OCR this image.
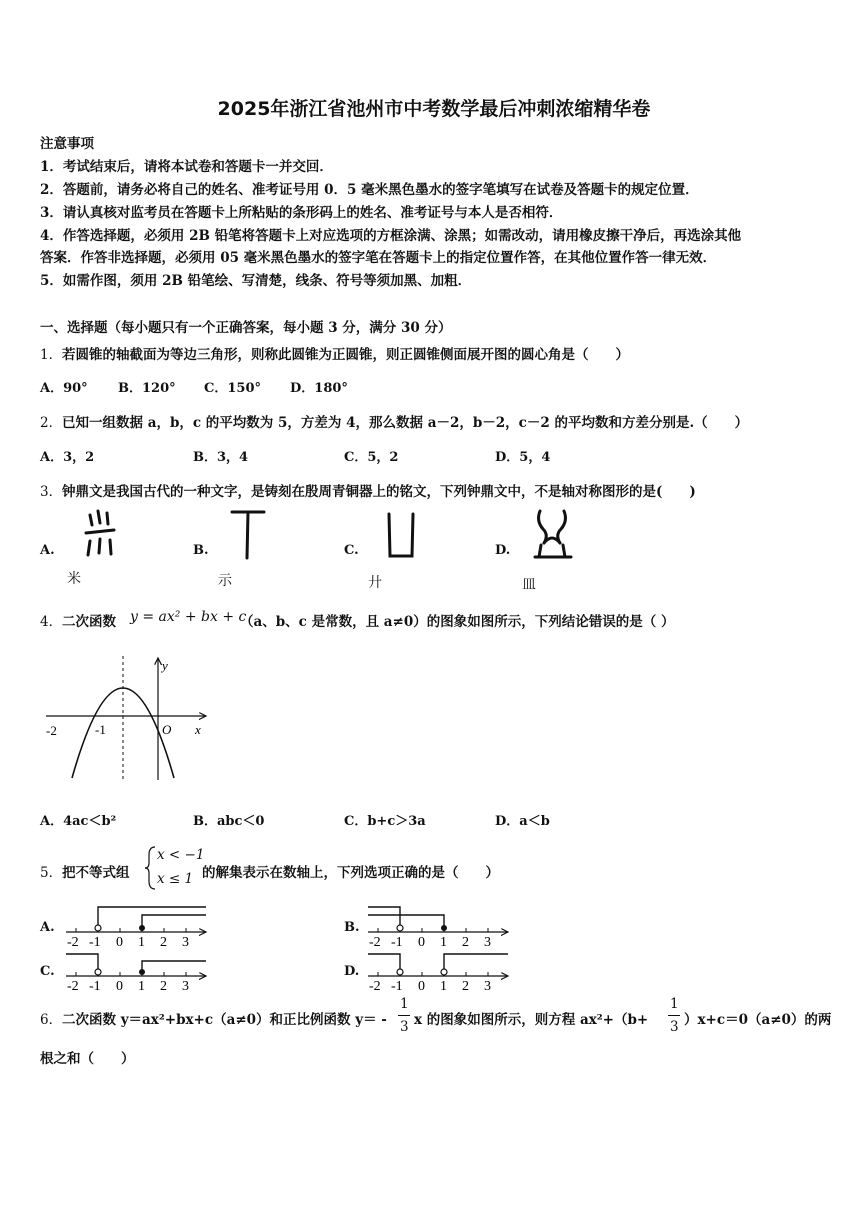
2025年浙江省池州市中考数学最后冲刺浓缩精华卷
注意事项
1．考试结束后，请将本试卷和答题卡一并交回．
2．答题前，请务必将自己的姓名、准考证号用 0．5 毫米黑色墨水的签字笔填写在试卷及答题卡的规定位置．
3．请认真核对监考员在答题卡上所粘贴的条形码上的姓名、准考证号与本人是否相符．
4．作答选择题，必须用 2B 铅笔将答题卡上对应选项的方框涂满、涂黑；如需改动，请用橡皮擦干净后，再选涂其他
答案．作答非选择题，必须用 05 毫米黑色墨水的签字笔在答题卡上的指定位置作答，在其他位置作答一律无效．
5．如需作图，须用 2B 铅笔绘、写清楚，线条、符号等须加黑、加粗．
一、选择题（每小题只有一个正确答案，每小题 3 分，满分 30 分）
1． 若圆锥的轴截面为等边三角形，则称此圆锥为正圆锥，则正圆锥侧面展开图的圆心角是（　　）
A．90° B．120° C．150° D．180°
2． 已知一组数据 a，b，c 的平均数为 5，方差为 4，那么数据 a－2，b－2，c－2 的平均数和方差分别是.（　　）
A．3，2	B．3，4	C．5，2	D．5，4
3． 钟鼎文是我国古代的一种文字，是铸刻在殷周青铜器上的铭文，下列钟鼎文中，不是轴对称图形的是(　　)
A.
米
B.
示
C.
廾
D.
皿
4． 二次函数 y = ax² + bx + c
（a、b、c 是常数，且 a≠0）的图象如图所示，下列结论错误的是（ ）
y
x
O
-2	-1
A．4ac＜b²	B．abc＜0	C．b+c＞3a	D．a＜b
5． 把不等式组
x < −1
x ≤ 1 的解集表示在数轴上，下列选项正确的是（　　）
A.
-2 -1 0 1 2 3
B.
-2 -1 0 1 2 3
C.
-2 -1 0 1 2 3
D.
-2 -1 0 1 2 3
6． 二次函数 y＝ax²+bx+c（a≠0）和正比例函数 y＝ -
1
3 x 的图象如图所示，则方程 ax²+（b+
1
3 ）x+c＝0（a≠0）的两
根之和（　　）
